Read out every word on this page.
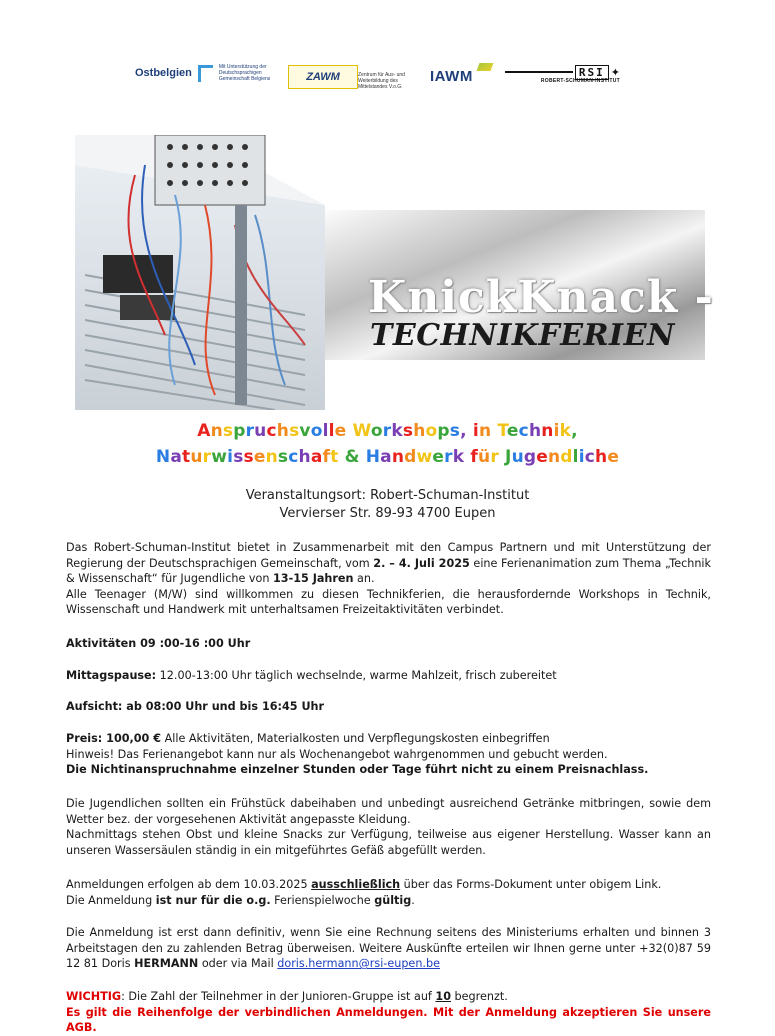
Ostbelgien	Mit Unterstützung der Deutschsprachigen Gemeinschaft Belgiens	ZAWM	Zentrum für Aus- und Weiterbildung des Mittelstandes V.o.G.
IAWM	RSI ✦
ROBERT-SCHUMAN-INSTITUT
KnickKnack -
TECHNIKFERIEN
Anspruchsvolle Workshops, in Technik,
Naturwissenschaft & Handwerk für Jugendliche
Veranstaltungsort: Robert-Schuman-Institut
Vervierser Str. 89-93 4700 Eupen
Das Robert-Schuman-Institut bietet in Zusammenarbeit mit den Campus Partnern und mit Unterstützung der Regierung der Deutschsprachigen Gemeinschaft, vom 2. – 4. Juli 2025 eine Ferienanimation zum Thema „Technik & Wissenschaft“ für Jugendliche von 13-15 Jahren an.
Alle Teenager (M/W) sind willkommen zu diesen Technikferien, die herausfordernde Workshops in Technik, Wissenschaft und Handwerk mit unterhaltsamen Freizeitaktivitäten verbindet.
Aktivitäten 09 :00-16 :00 Uhr
Mittagspause: 12.00-13:00 Uhr täglich wechselnde, warme Mahlzeit, frisch zubereitet
Aufsicht: ab 08:00 Uhr und bis 16:45 Uhr
Preis: 100,00 € Alle Aktivitäten, Materialkosten und Verpflegungskosten einbegriffen
Hinweis! Das Ferienangebot kann nur als Wochenangebot wahrgenommen und gebucht werden.
Die Nichtinanspruchnahme einzelner Stunden oder Tage führt nicht zu einem Preisnachlass.
Die Jugendlichen sollten ein Frühstück dabeihaben und unbedingt ausreichend Getränke mitbringen, sowie dem Wetter bez. der vorgesehenen Aktivität angepasste Kleidung.
Nachmittags stehen Obst und kleine Snacks zur Verfügung, teilweise aus eigener Herstellung. Wasser kann an unseren Wassersäulen ständig in ein mitgeführtes Gefäß abgefüllt werden.
Anmeldungen erfolgen ab dem 10.03.2025 ausschließlich über das Forms-Dokument unter obigem Link.
Die Anmeldung ist nur für die o.g. Ferienspielwoche gültig.
Die Anmeldung ist erst dann definitiv, wenn Sie eine Rechnung seitens des Ministeriums erhalten und binnen 3 Arbeitstagen den zu zahlenden Betrag überweisen. Weitere Auskünfte erteilen wir Ihnen gerne unter +32(0)87 59 12 81 Doris HERMANN oder via Mail doris.hermann@rsi-eupen.be
WICHTIG: Die Zahl der Teilnehmer in der Junioren-Gruppe ist auf 10 begrenzt.
Es gilt die Reihenfolge der verbindlichen Anmeldungen. Mit der Anmeldung akzeptieren Sie unsere AGB.
